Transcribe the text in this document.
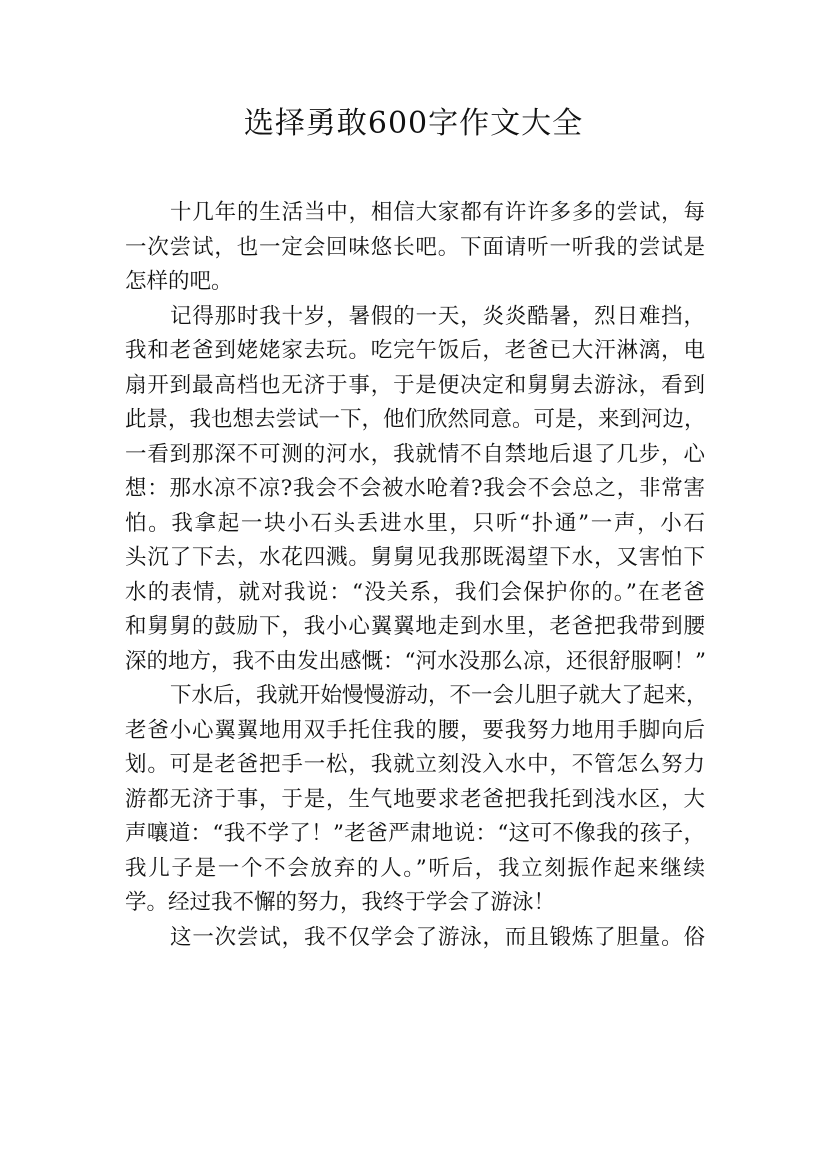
选择勇敢600字作文大全
十几年的生活当中，相信大家都有许许多多的尝试，每
一次尝试，也一定会回味悠长吧。下面请听一听我的尝试是
怎样的吧。
记得那时我十岁，暑假的一天，炎炎酷暑，烈日难挡，
我和老爸到姥姥家去玩。吃完午饭后，老爸已大汗淋漓，电
扇开到最高档也无济于事，于是便决定和舅舅去游泳，看到
此景，我也想去尝试一下，他们欣然同意。可是，来到河边，
一看到那深不可测的河水，我就情不自禁地后退了几步，心
想：那水凉不凉?我会不会被水呛着?我会不会总之，非常害
怕。我拿起一块小石头丢进水里，只听“扑通”一声，小石
头沉了下去，水花四溅。舅舅见我那既渴望下水，又害怕下
水的表情，就对我说：“没关系，我们会保护你的。”在老爸
和舅舅的鼓励下，我小心翼翼地走到水里，老爸把我带到腰
深的地方，我不由发出感慨：“河水没那么凉，还很舒服啊！”
下水后，我就开始慢慢游动，不一会儿胆子就大了起来，
老爸小心翼翼地用双手托住我的腰，要我努力地用手脚向后
划。可是老爸把手一松，我就立刻没入水中，不管怎么努力
游都无济于事，于是，生气地要求老爸把我托到浅水区，大
声嚷道：“我不学了！”老爸严肃地说：“这可不像我的孩子，
我儿子是一个不会放弃的人。”听后，我立刻振作起来继续
学。经过我不懈的努力，我终于学会了游泳！
这一次尝试，我不仅学会了游泳，而且锻炼了胆量。俗
